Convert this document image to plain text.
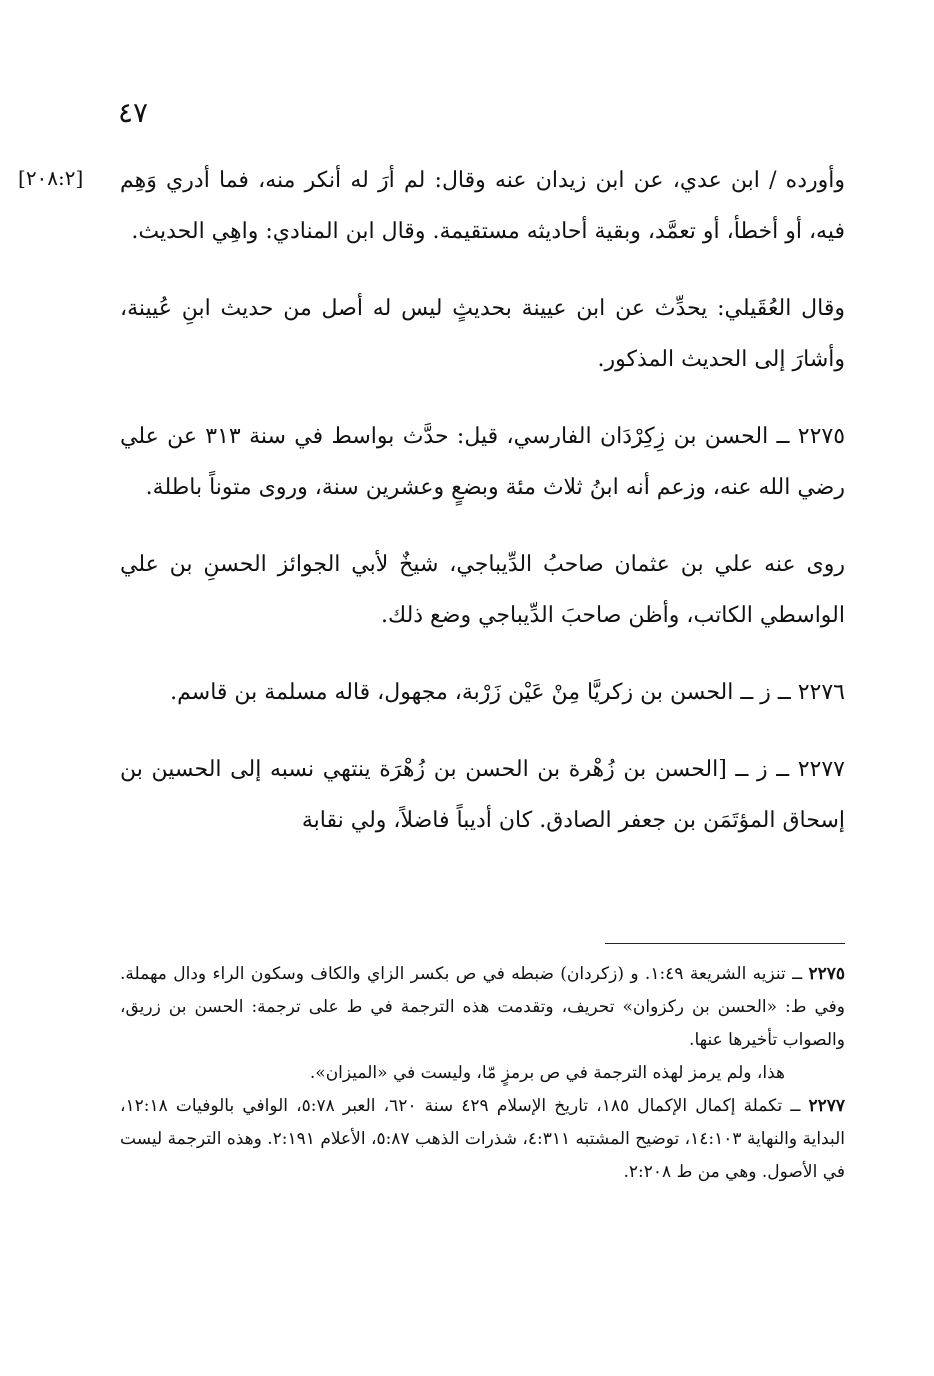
٤٧
[٢٠٨:٢] وأورده / ابن عدي، عن ابن زيدان عنه وقال: لم أرَ له أنكر منه، فما أدري وَهِم فيه، أو أخطأ، أو تعمَّد، وبقية أحاديثه مستقيمة. وقال ابن المنادي: واهِي الحديث.

وقال العُقَيلي: يحدِّث عن ابن عيينة بحديثٍ ليس له أصل من حديث ابنِ عُيينة، وأشارَ إلى الحديث المذكور.

٢٢٧٥ ــ الحسن بن زِكِرْدَان الفارسي، قيل: حدَّث بواسط في سنة ٣١٣ عن علي رضي الله عنه، وزعم أنه ابنُ ثلاث مئة وبضعٍ وعشرين سنة، وروى متوناً باطلة.

روى عنه علي بن عثمان صاحبُ الدِّيباجي، شيخٌ لأبي الجوائز الحسنِ بن علي الواسطي الكاتب، وأظن صاحبَ الدِّيباجي وضع ذلك.

٢٢٧٦ ــ ز ــ الحسن بن زكريَّا مِنْ عَيْن زَرْبة، مجهول، قاله مسلمة بن قاسم.

٢٢٧٧ ــ ز ــ [الحسن بن زُهْرة بن الحسن بن زُهْرَة ينتهي نسبه إلى الحسين بن إسحاق المؤتَمَن بن جعفر الصادق. كان أديباً فاضلاً، ولي نقابة

٢٢٧٥ ــ تنزيه الشريعة ١:٤٩. و (زكردان) ضبطه في ص بكسر الزاي والكاف وسكون الراء ودال مهملة. وفي ط: «الحسن بن ركزوان» تحريف، وتقدمت هذه الترجمة في ط على ترجمة: الحسن بن زريق، والصواب تأخيرها عنها.

هذا، ولم يرمز لهذه الترجمة في ص برمزٍ مّا، وليست في «الميزان».

٢٢٧٧ ــ تكملة إكمال الإكمال ١٨٥، تاريخ الإسلام ٤٢٩ سنة ٦٢٠، العبر ٥:٧٨، الوافي بالوفيات ١٢:١٨، البداية والنهاية ١٤:١٠٣، توضيح المشتبه ٤:٣١١، شذرات الذهب ٥:٨٧، الأعلام ٢:١٩١. وهذه الترجمة ليست في الأصول. وهي من ط ٢:٢٠٨.
